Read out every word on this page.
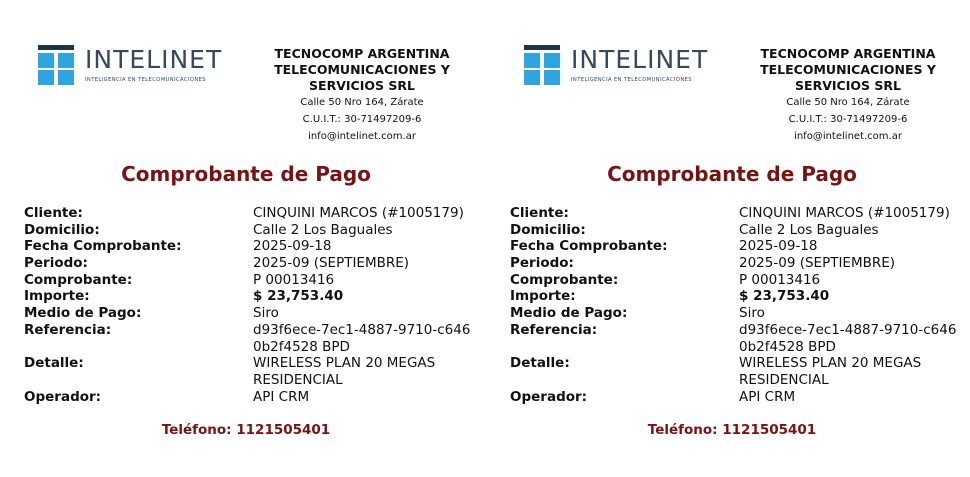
INTELINET
INTELIGENCIA EN TELECOMUNICACIONES
TECNOCOMP ARGENTINA
TELECOMUNICACIONES Y
SERVICIOS SRL
Calle 50 Nro 164, Zárate
C.U.I.T.: 30-71497209-6
info@intelinet.com.ar
Comprobante de Pago
Cliente:	CINQUINI MARCOS (#1005179)
Domicilio:	Calle 2 Los Baguales
Fecha Comprobante:	2025-09-18
Periodo:	2025-09 (SEPTIEMBRE)
Comprobante:	P 00013416
Importe:	$ 23,753.40
Medio de Pago:	Siro
Referencia:	d93f6ece-7ec1-4887-9710-c646
0b2f4528 BPD
Detalle:	WIRELESS PLAN 20 MEGAS
RESIDENCIAL
Operador:	API CRM
Teléfono: 1121505401
INTELINET
INTELIGENCIA EN TELECOMUNICACIONES
TECNOCOMP ARGENTINA
TELECOMUNICACIONES Y
SERVICIOS SRL
Calle 50 Nro 164, Zárate
C.U.I.T.: 30-71497209-6
info@intelinet.com.ar
Comprobante de Pago
Cliente:	CINQUINI MARCOS (#1005179)
Domicilio:	Calle 2 Los Baguales
Fecha Comprobante:	2025-09-18
Periodo:	2025-09 (SEPTIEMBRE)
Comprobante:	P 00013416
Importe:	$ 23,753.40
Medio de Pago:	Siro
Referencia:	d93f6ece-7ec1-4887-9710-c646
0b2f4528 BPD
Detalle:	WIRELESS PLAN 20 MEGAS
RESIDENCIAL
Operador:	API CRM
Teléfono: 1121505401
